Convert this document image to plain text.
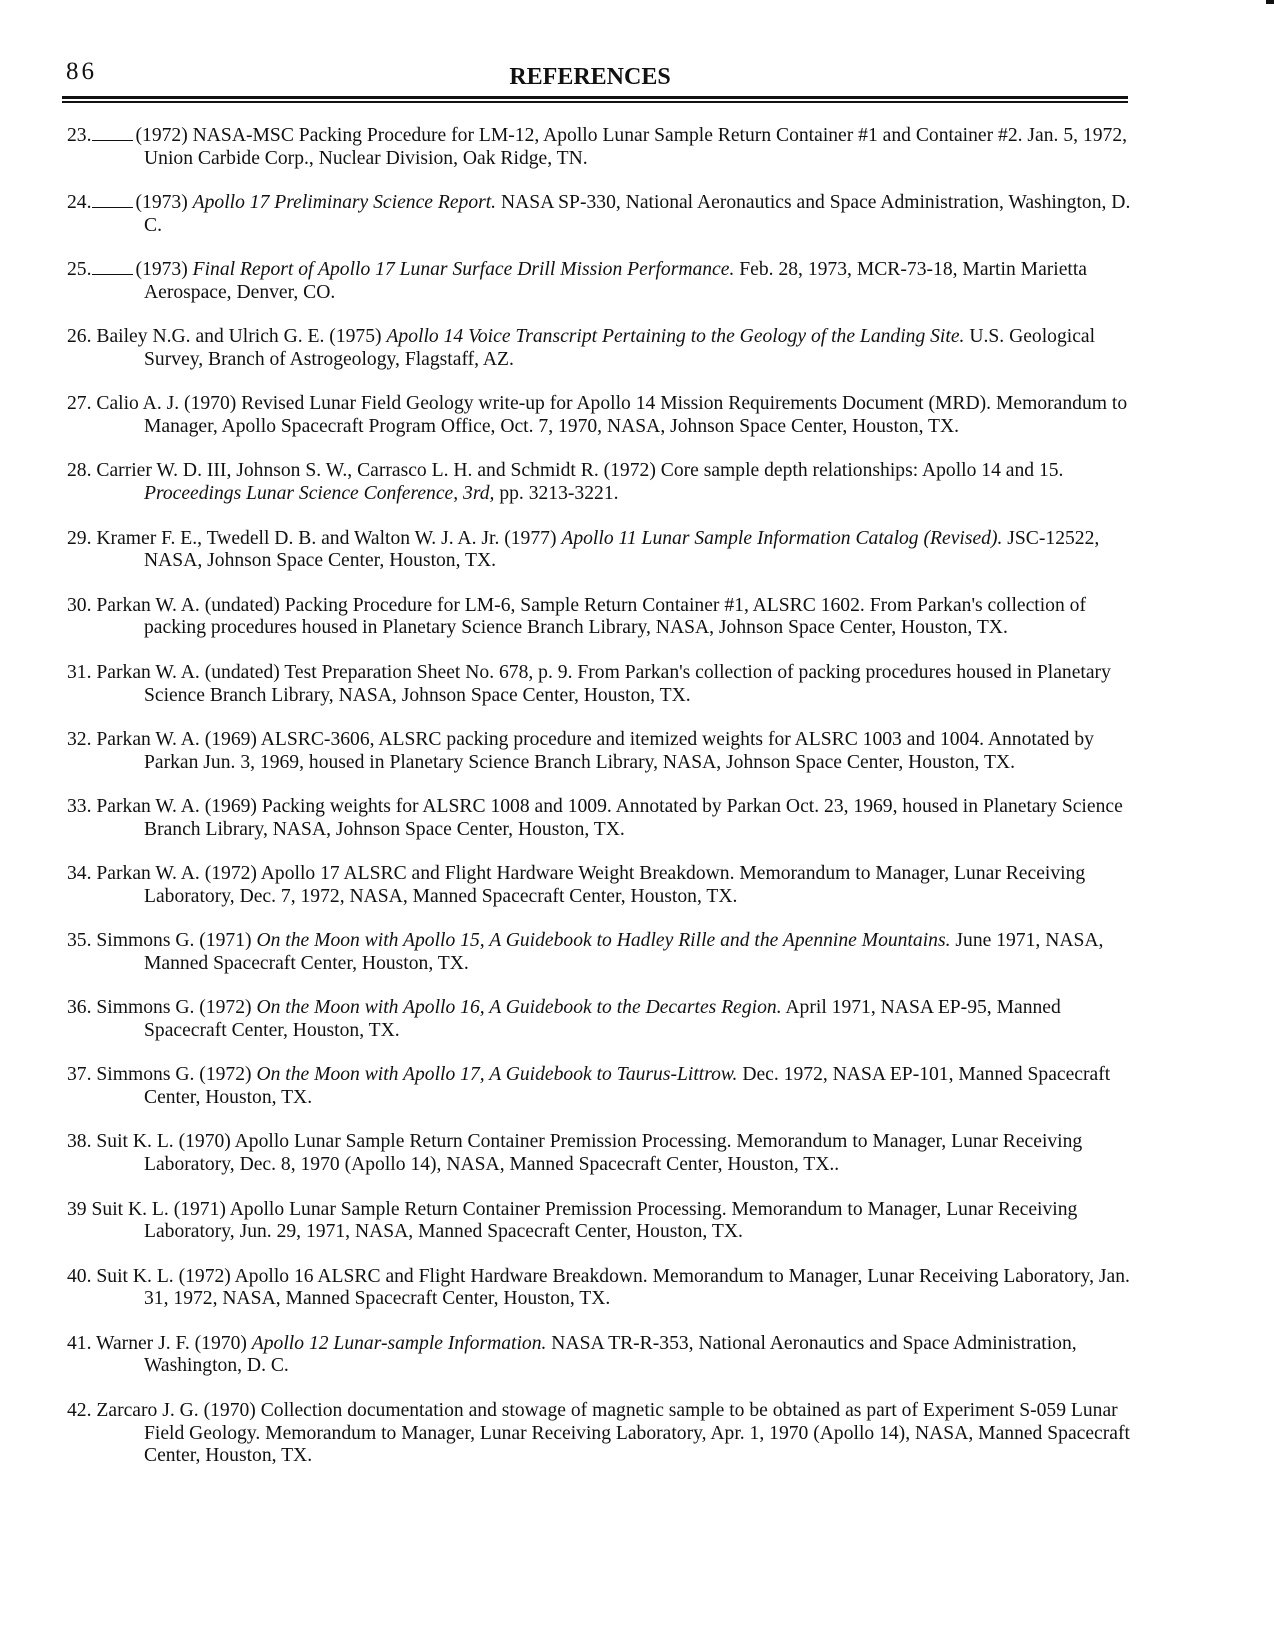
86	REFERENCES
23. (1972) NASA-MSC Packing Procedure for LM-12, Apollo Lunar Sample Return Container #1 and Container #2. Jan. 5, 1972, Union Carbide Corp., Nuclear Division, Oak Ridge, TN.
24. (1973) Apollo 17 Preliminary Science Report. NASA SP-330, National Aeronautics and Space Administration, Washington, D. C.
25. (1973) Final Report of Apollo 17 Lunar Surface Drill Mission Performance. Feb. 28, 1973, MCR-73-18, Martin Marietta Aerospace, Denver, CO.
26. Bailey N.G. and Ulrich G. E. (1975) Apollo 14 Voice Transcript Pertaining to the Geology of the Landing Site. U.S. Geological Survey, Branch of Astrogeology, Flagstaff, AZ.
27. Calio A. J. (1970) Revised Lunar Field Geology write-up for Apollo 14 Mission Requirements Document (MRD). Memorandum to Manager, Apollo Spacecraft Program Office, Oct. 7, 1970, NASA, Johnson Space Center, Houston, TX.
28. Carrier W. D. III, Johnson S. W., Carrasco L. H. and Schmidt R. (1972) Core sample depth relationships: Apollo 14 and 15. Proceedings Lunar Science Conference, 3rd, pp. 3213-3221.
29. Kramer F. E., Twedell D. B. and Walton W. J. A. Jr. (1977) Apollo 11 Lunar Sample Information Catalog (Revised). JSC-12522, NASA, Johnson Space Center, Houston, TX.
30. Parkan W. A. (undated) Packing Procedure for LM-6, Sample Return Container #1, ALSRC 1602. From Parkan's collection of packing procedures housed in Planetary Science Branch Library, NASA, Johnson Space Center, Houston, TX.
31. Parkan W. A. (undated) Test Preparation Sheet No. 678, p. 9. From Parkan's collection of packing procedures housed in Planetary Science Branch Library, NASA, Johnson Space Center, Houston, TX.
32. Parkan W. A. (1969) ALSRC-3606, ALSRC packing procedure and itemized weights for ALSRC 1003 and 1004. Annotated by Parkan Jun. 3, 1969, housed in Planetary Science Branch Library, NASA, Johnson Space Center, Houston, TX.
33. Parkan W. A. (1969) Packing weights for ALSRC 1008 and 1009. Annotated by Parkan Oct. 23, 1969, housed in Planetary Science Branch Library, NASA, Johnson Space Center, Houston, TX.
34. Parkan W. A. (1972) Apollo 17 ALSRC and Flight Hardware Weight Breakdown. Memorandum to Manager, Lunar Receiving Laboratory, Dec. 7, 1972, NASA, Manned Spacecraft Center, Houston, TX.
35. Simmons G. (1971) On the Moon with Apollo 15, A Guidebook to Hadley Rille and the Apennine Mountains. June 1971, NASA, Manned Spacecraft Center, Houston, TX.
36. Simmons G. (1972) On the Moon with Apollo 16, A Guidebook to the Decartes Region. April 1971, NASA EP-95, Manned Spacecraft Center, Houston, TX.
37. Simmons G. (1972) On the Moon with Apollo 17, A Guidebook to Taurus-Littrow. Dec. 1972, NASA EP-101, Manned Spacecraft Center, Houston, TX.
38. Suit K. L. (1970) Apollo Lunar Sample Return Container Premission Processing. Memorandum to Manager, Lunar Receiving Laboratory, Dec. 8, 1970 (Apollo 14), NASA, Manned Spacecraft Center, Houston, TX..
39 Suit K. L. (1971) Apollo Lunar Sample Return Container Premission Processing. Memorandum to Manager, Lunar Receiving Laboratory, Jun. 29, 1971, NASA, Manned Spacecraft Center, Houston, TX.
40. Suit K. L. (1972) Apollo 16 ALSRC and Flight Hardware Breakdown. Memorandum to Manager, Lunar Receiving Laboratory, Jan. 31, 1972, NASA, Manned Spacecraft Center, Houston, TX.
41. Warner J. F. (1970) Apollo 12 Lunar-sample Information. NASA TR-R-353, National Aeronautics and Space Administration, Washington, D. C.
42. Zarcaro J. G. (1970) Collection documentation and stowage of magnetic sample to be obtained as part of Experiment S-059 Lunar Field Geology. Memorandum to Manager, Lunar Receiving Laboratory, Apr. 1, 1970 (Apollo 14), NASA, Manned Spacecraft Center, Houston, TX.
